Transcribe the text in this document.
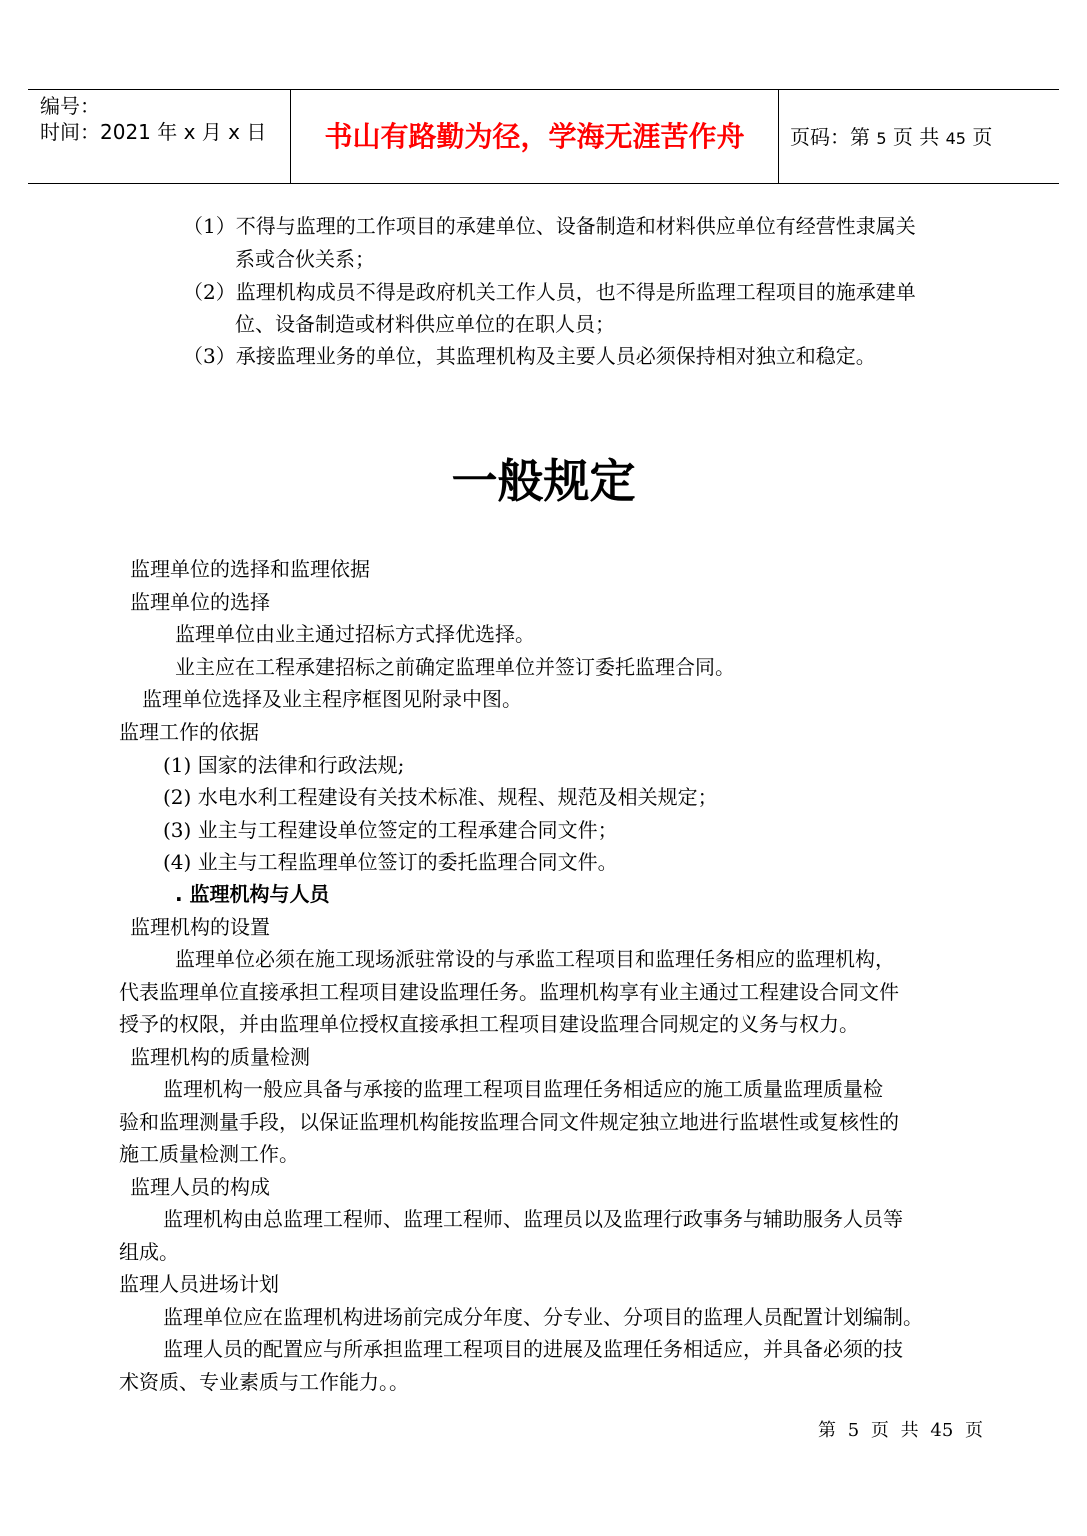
编号：
时间：2021 年 x 月 x 日	书山有路勤为径，学海无涯苦作舟	页码：第 5 页 共 45 页
（1）不得与监理的工作项目的承建单位、设备制造和材料供应单位有经营性隶属关
系或合伙关系；
（2）监理机构成员不得是政府机关工作人员，也不得是所监理工程项目的施承建单
位、设备制造或材料供应单位的在职人员；
（3）承接监理业务的单位，其监理机构及主要人员必须保持相对独立和稳定。
一般规定
监理单位的选择和监理依据
监理单位的选择
监理单位由业主通过招标方式择优选择。
业主应在工程承建招标之前确定监理单位并签订委托监理合同。
监理单位选择及业主程序框图见附录中图。
监理工作的依据
(1) 国家的法律和行政法规;
(2) 水电水利工程建设有关技术标准、规程、规范及相关规定；
(3) 业主与工程建设单位签定的工程承建合同文件；
(4) 业主与工程监理单位签订的委托监理合同文件。
. 监理机构与人员
监理机构的设置
监理单位必须在施工现场派驻常设的与承监工程项目和监理任务相应的监理机构，
代表监理单位直接承担工程项目建设监理任务。监理机构享有业主通过工程建设合同文件
授予的权限，并由监理单位授权直接承担工程项目建设监理合同规定的义务与权力。
监理机构的质量检测
监理机构一般应具备与承接的监理工程项目监理任务相适应的施工质量监理质量检
验和监理测量手段，以保证监理机构能按监理合同文件规定独立地进行监堪性或复核性的
施工质量检测工作。
监理人员的构成
监理机构由总监理工程师、监理工程师、监理员以及监理行政事务与辅助服务人员等
组成。
监理人员进场计划
监理单位应在监理机构进场前完成分年度、分专业、分项目的监理人员配置计划编制。
监理人员的配置应与所承担监理工程项目的进展及监理任务相适应，并具备必须的技
术资质、专业素质与工作能力。。
第 5 页 共 45 页
